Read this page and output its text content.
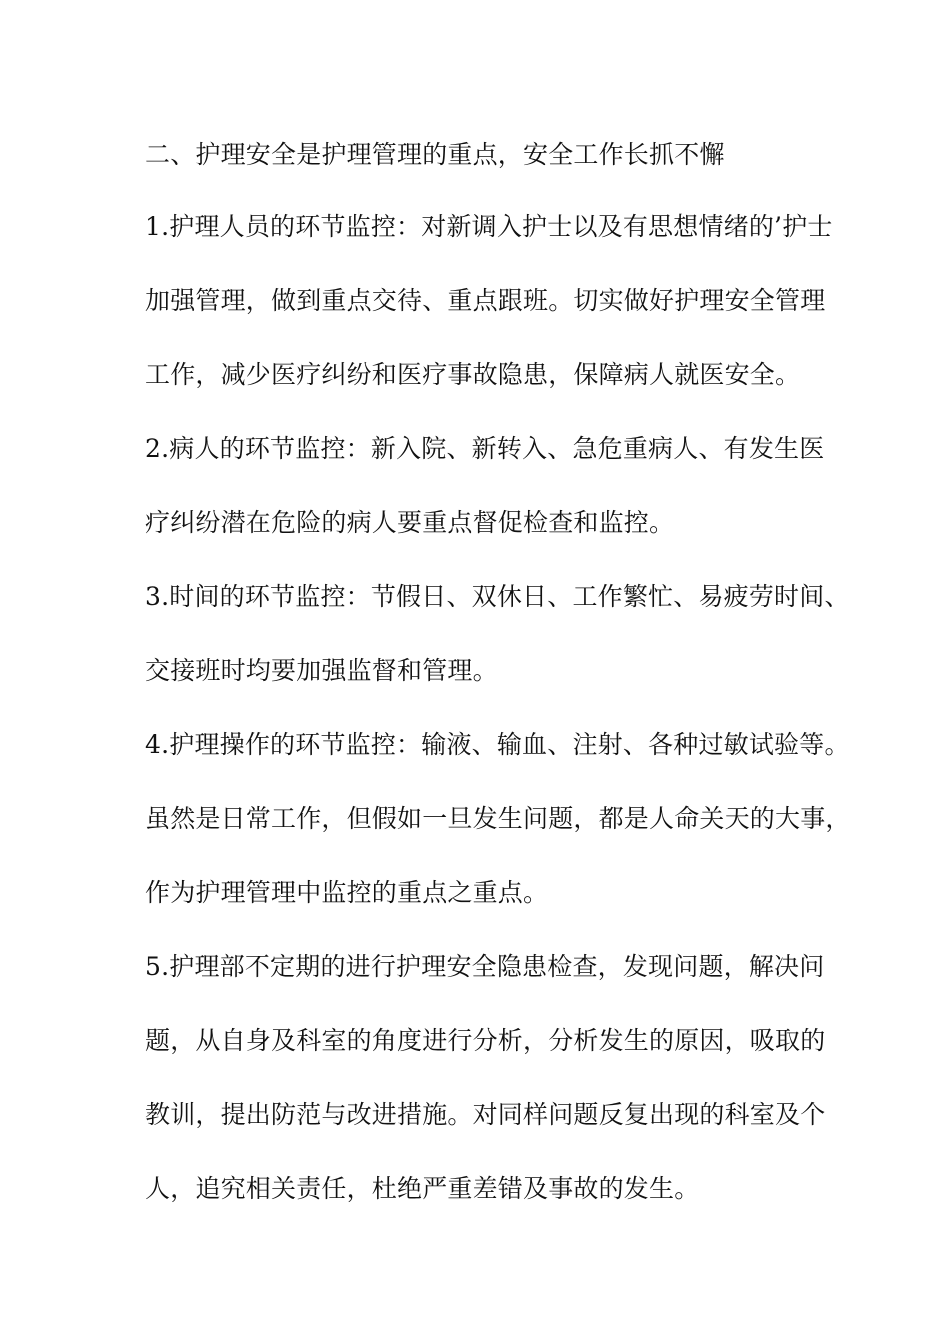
二、护理安全是护理管理的重点，安全工作长抓不懈

1.护理人员的环节监控：对新调入护士以及有思想情绪的’护士

加强管理，做到重点交待、重点跟班。切实做好护理安全管理

工作，减少医疗纠纷和医疗事故隐患，保障病人就医安全。

2.病人的环节监控：新入院、新转入、急危重病人、有发生医

疗纠纷潜在危险的病人要重点督促检查和监控。

3.时间的环节监控：节假日、双休日、工作繁忙、易疲劳时间、

交接班时均要加强监督和管理。

4.护理操作的环节监控：输液、输血、注射、各种过敏试验等。

虽然是日常工作，但假如一旦发生问题，都是人命关天的大事，

作为护理管理中监控的重点之重点。

5.护理部不定期的进行护理安全隐患检查，发现问题，解决问

题，从自身及科室的角度进行分析，分析发生的原因，吸取的

教训，提出防范与改进措施。对同样问题反复出现的科室及个

人，追究相关责任，杜绝严重差错及事故的发生。
